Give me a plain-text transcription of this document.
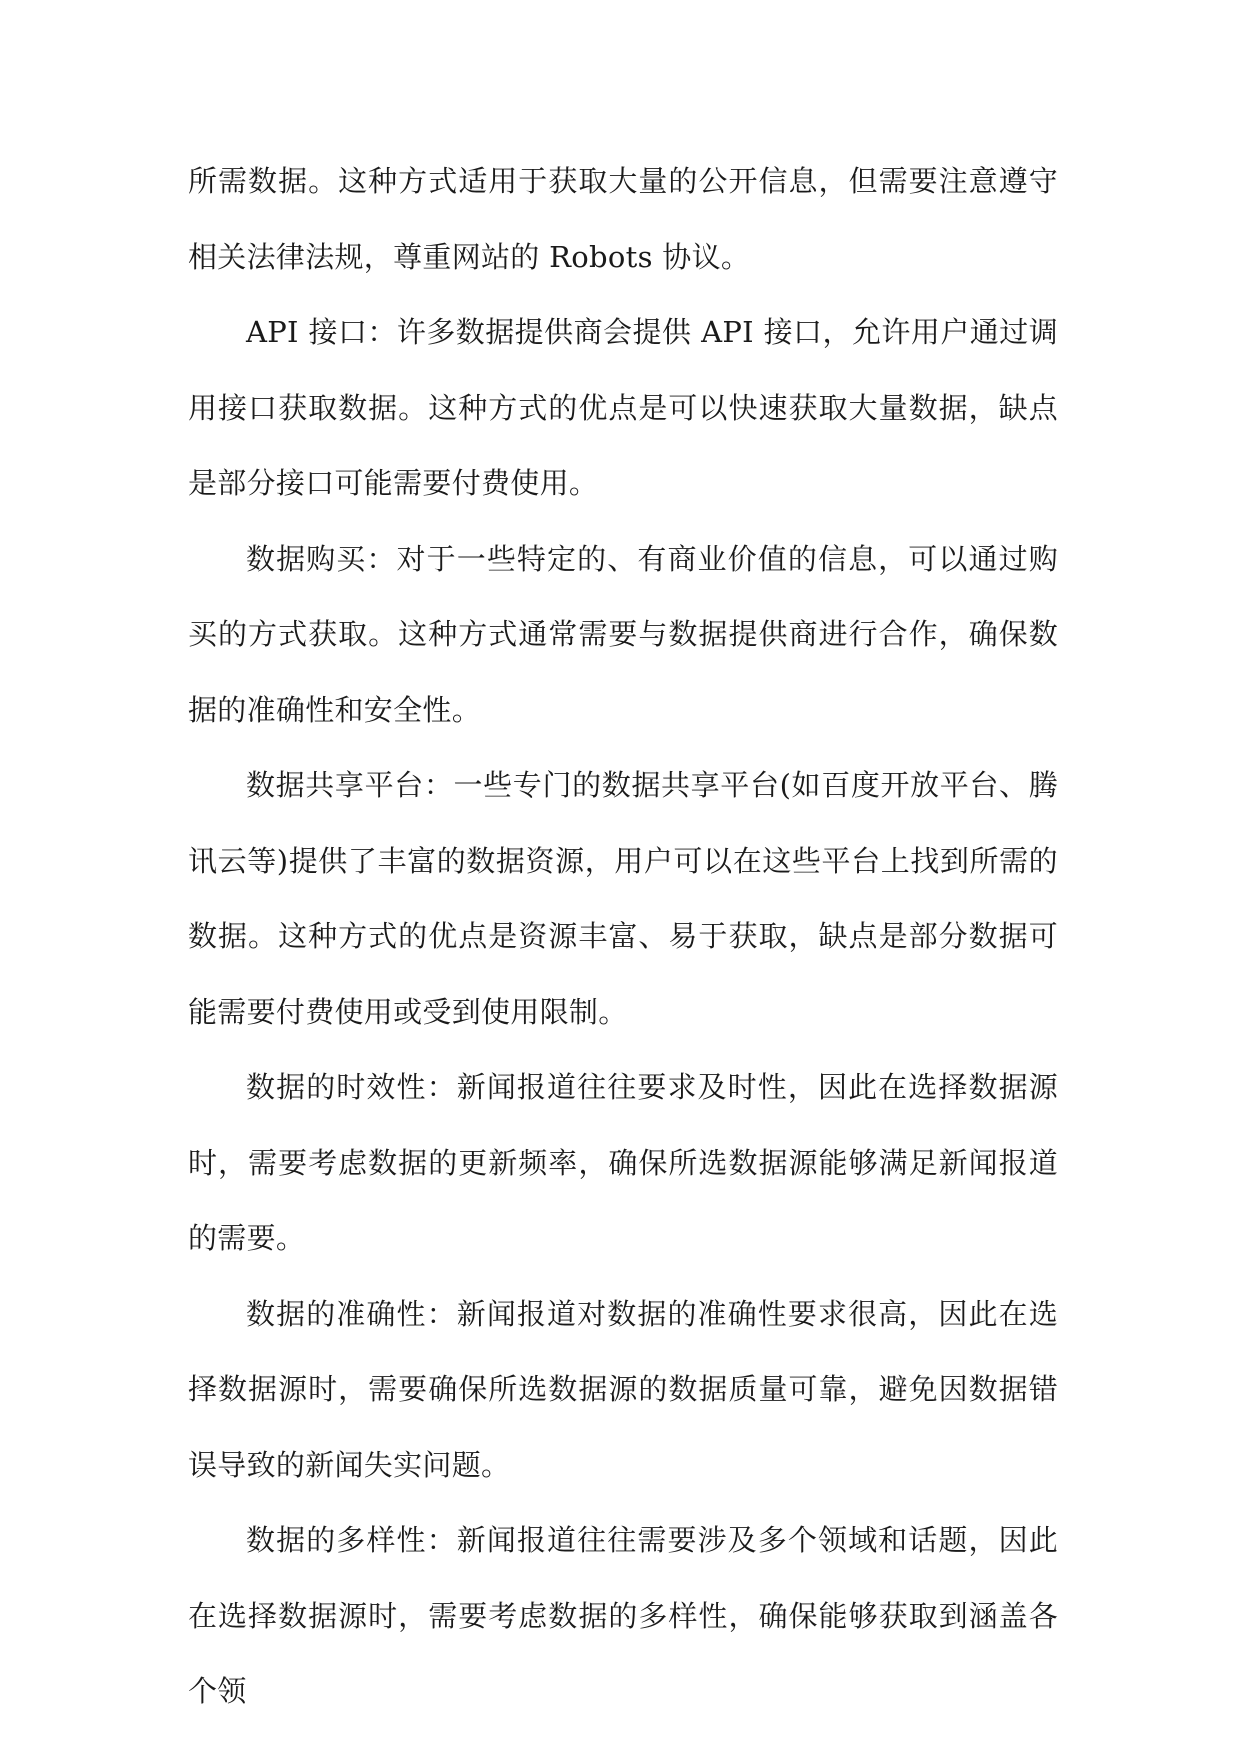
所需数据。这种方式适用于获取大量的公开信息，但需要注意遵守相关法律法规，尊重网站的 Robots 协议。

API 接口：许多数据提供商会提供 API 接口，允许用户通过调用接口获取数据。这种方式的优点是可以快速获取大量数据，缺点是部分接口可能需要付费使用。

数据购买：对于一些特定的、有商业价值的信息，可以通过购买的方式获取。这种方式通常需要与数据提供商进行合作，确保数据的准确性和安全性。

数据共享平台：一些专门的数据共享平台(如百度开放平台、腾讯云等)提供了丰富的数据资源，用户可以在这些平台上找到所需的数据。这种方式的优点是资源丰富、易于获取，缺点是部分数据可能需要付费使用或受到使用限制。

数据的时效性：新闻报道往往要求及时性，因此在选择数据源时，需要考虑数据的更新频率，确保所选数据源能够满足新闻报道的需要。

数据的准确性：新闻报道对数据的准确性要求很高，因此在选择数据源时，需要确保所选数据源的数据质量可靠，避免因数据错误导致的新闻失实问题。

数据的多样性：新闻报道往往需要涉及多个领域和话题，因此在选择数据源时，需要考虑数据的多样性，确保能够获取到涵盖各个领
